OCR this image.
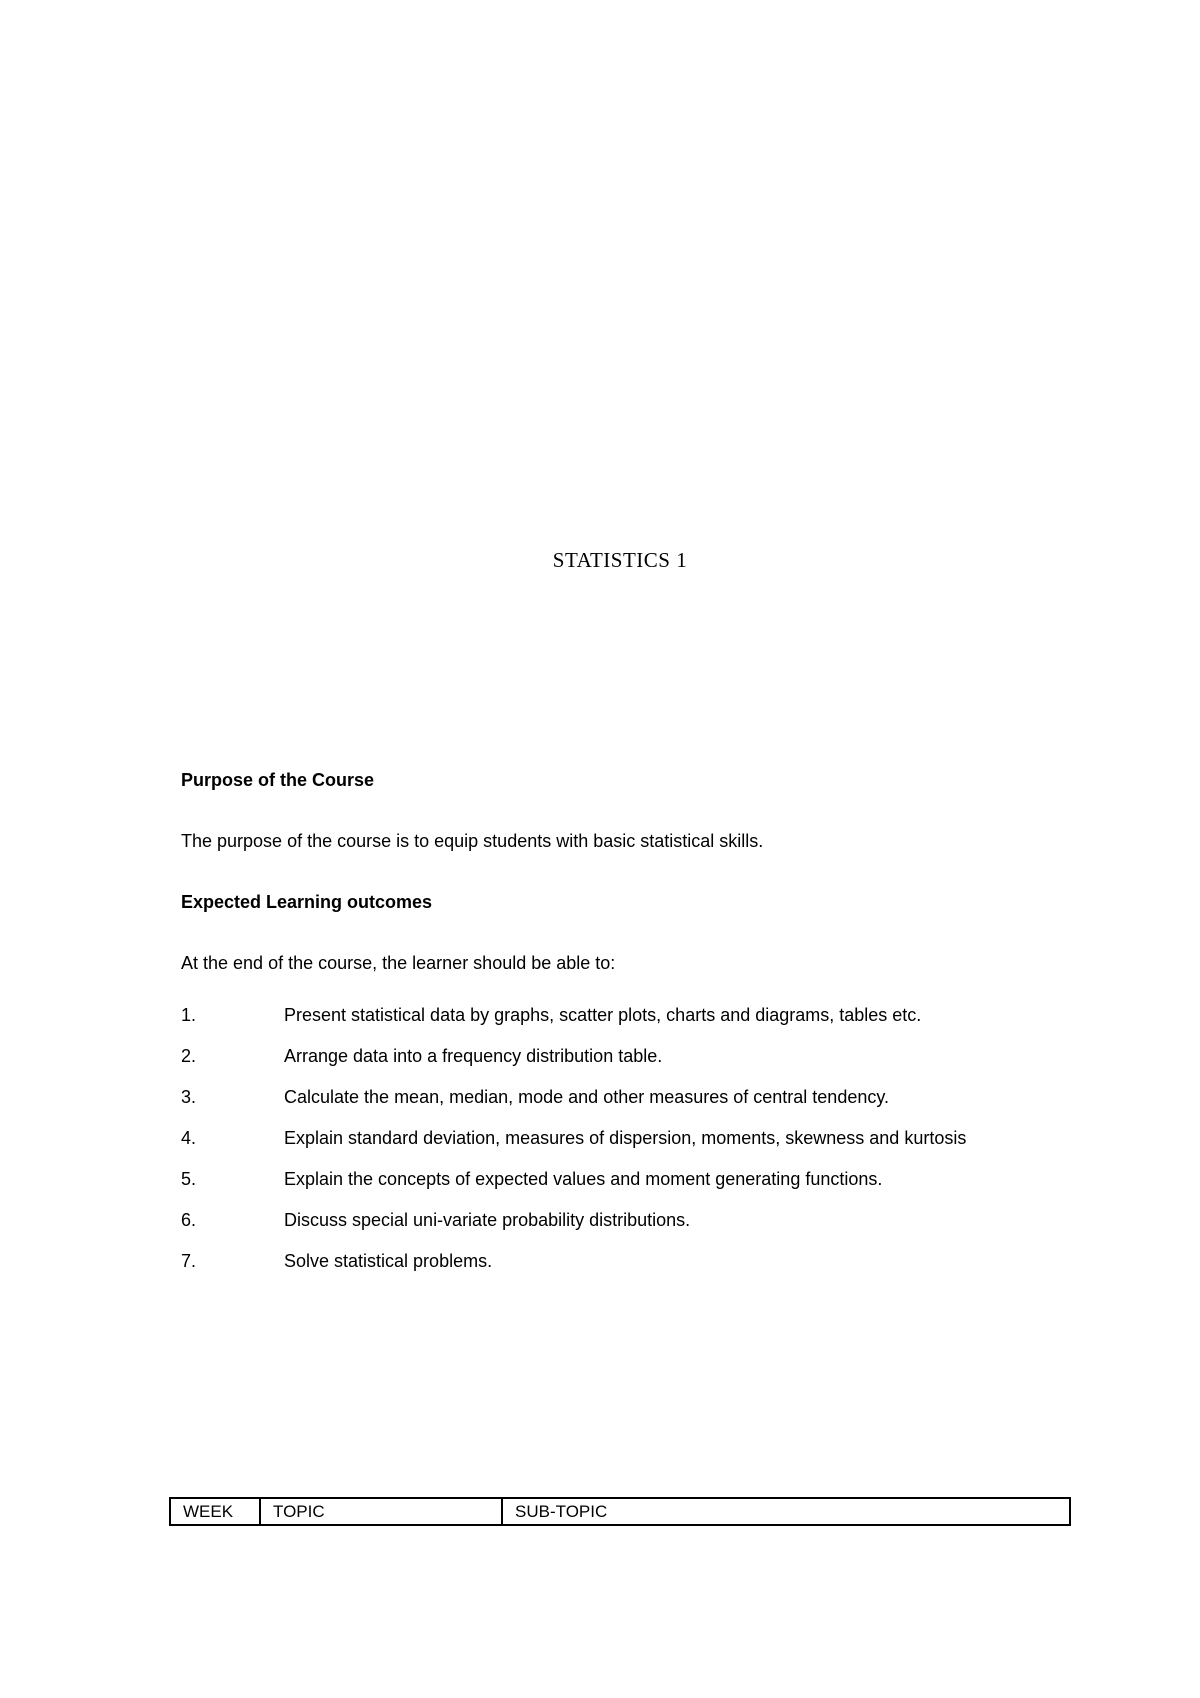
STATISTICS 1
Purpose of the Course
The purpose of the course is to equip students with basic statistical skills.
Expected Learning outcomes
At the end of the course, the learner should be able to:
1.	Present statistical data by graphs, scatter plots, charts and diagrams, tables etc.
2.	Arrange data into a frequency distribution table.
3.	Calculate the mean, median, mode and other measures of central tendency.
4.	Explain standard deviation, measures of dispersion, moments, skewness and kurtosis
5.	Explain the concepts of expected values and moment generating functions.
6.	Discuss special uni-variate probability distributions.
7.	Solve statistical problems.
WEEK	TOPIC	SUB-TOPIC
